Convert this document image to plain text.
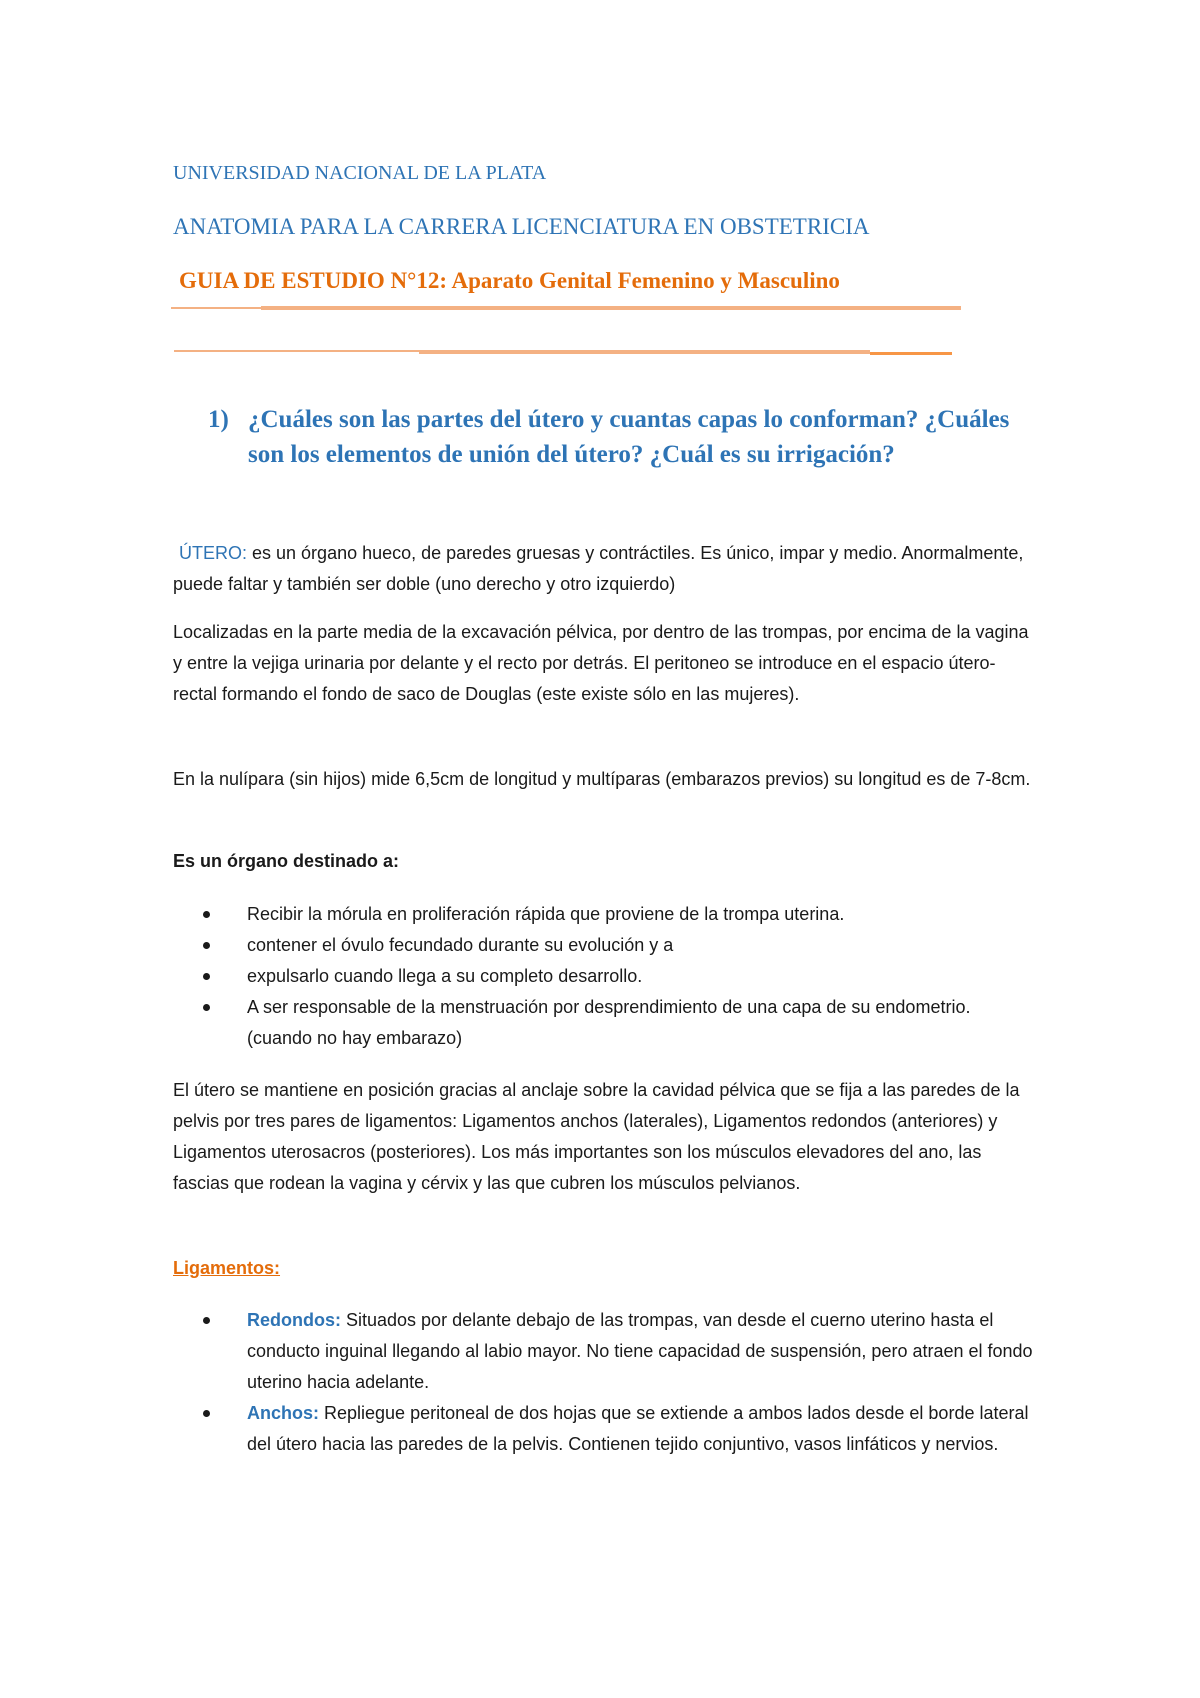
UNIVERSIDAD NACIONAL DE LA PLATA
ANATOMIA PARA LA CARRERA LICENCIATURA EN OBSTETRICIA
GUIA DE ESTUDIO N°12: Aparato Genital Femenino y Masculino
1) ¿Cuáles son las partes del útero y cuantas capas lo conforman? ¿Cuáles son los elementos de unión del útero? ¿Cuál es su irrigación?
ÚTERO: es un órgano hueco, de paredes gruesas y contráctiles. Es único, impar y medio. Anormalmente, puede faltar y también ser doble (uno derecho y otro izquierdo)
Localizadas en la parte media de la excavación pélvica, por dentro de las trompas, por encima de la vagina y entre la vejiga urinaria por delante y el recto por detrás. El peritoneo se introduce en el espacio útero-rectal formando el fondo de saco de Douglas (este existe sólo en las mujeres).
En la nulípara (sin hijos) mide 6,5cm de longitud y multíparas (embarazos previos) su longitud es de 7-8cm.
Es un órgano destinado a:
Recibir la mórula en proliferación rápida que proviene de la trompa uterina.
contener el óvulo fecundado durante su evolución y a
expulsarlo cuando llega a su completo desarrollo.
A ser responsable de la menstruación por desprendimiento de una capa de su endometrio. (cuando no hay embarazo)
El útero se mantiene en posición gracias al anclaje sobre la cavidad pélvica que se fija a las paredes de la pelvis por tres pares de ligamentos: Ligamentos anchos (laterales), Ligamentos redondos (anteriores) y Ligamentos uterosacros (posteriores). Los más importantes son los músculos elevadores del ano, las fascias que rodean la vagina y cérvix y las que cubren los músculos pelvianos.
Ligamentos:
Redondos: Situados por delante debajo de las trompas, van desde el cuerno uterino hasta el conducto inguinal llegando al labio mayor. No tiene capacidad de suspensión, pero atraen el fondo uterino hacia adelante.
Anchos: Repliegue peritoneal de dos hojas que se extiende a ambos lados desde el borde lateral del útero hacia las paredes de la pelvis. Contienen tejido conjuntivo, vasos linfáticos y nervios.
